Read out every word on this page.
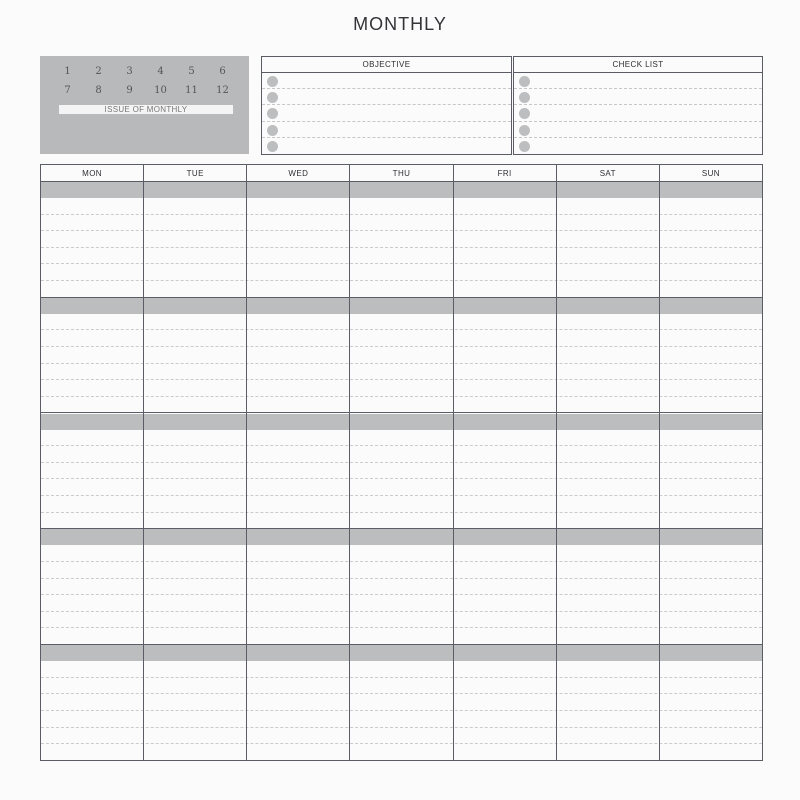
MONTHLY
1	2	3	4	5	6
7	8	9	10	11	12
ISSUE OF MONTHLY
OBJECTIVE	CHECK LIST
MON	TUE	WED	THU	FRI	SAT	SUN
